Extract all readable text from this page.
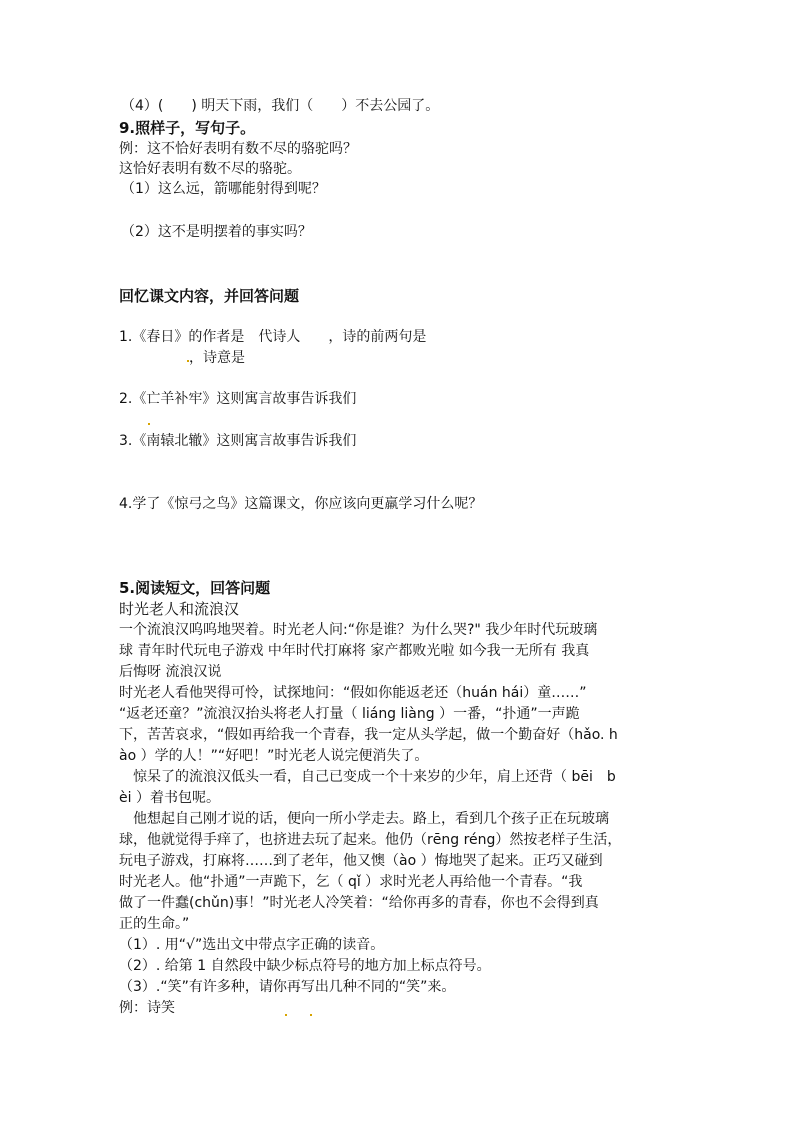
（4）(　　) 明天下雨，我们（　　）不去公园了。
9.照样子，写句子。
例：这不恰好表明有数不尽的骆驼吗？
这恰好表明有数不尽的骆驼。
（1）这么远，箭哪能射得到呢？
（2）这不是明摆着的事实吗？
回忆课文内容，并回答问题
1.《春日》的作者是　代诗人　　，诗的前两句是
，诗意是
2.《亡羊补牢》这则寓言故事告诉我们
3.《南辕北辙》这则寓言故事告诉我们
4.学了《惊弓之鸟》这篇课文，你应该向更羸学习什么呢？
5.阅读短文，回答问题
时光老人和流浪汉
一个流浪汉呜呜地哭着。时光老人问:“你是谁？为什么哭?" 我少年时代玩玻璃
球 青年时代玩电子游戏 中年时代打麻将 家产都败光啦 如今我一无所有 我真
后悔呀 流浪汉说
时光老人看他哭得可怜，试探地问：“假如你能返老还（huán hái）童……”
“返老还童？”流浪汉抬头将老人打量（ liáng liàng ）一番，“扑通”一声跪
下，苦苦哀求，“假如再给我一个青春，我一定从头学起，做一个勤奋好（hǎo. h
ào ）学的人！”“好吧！”时光老人说完便消失了。
　惊呆了的流浪汉低头一看，自己已变成一个十来岁的少年，肩上还背（ bēi　b
èi ）着书包呢。
　他想起自己刚才说的话，便向一所小学走去。路上，看到几个孩子正在玩玻璃
球，他就觉得手痒了，也挤进去玩了起来。他仍（rēng réng）然按老样子生活，
玩电子游戏，打麻将……到了老年，他又懊（ào ）悔地哭了起来。正巧又碰到
时光老人。他“扑通”一声跪下，乞（ qǐ ）求时光老人再给他一个青春。“我
做了一件蠢(chǔn)事！”时光老人冷笑着：“给你再多的青春，你也不会得到真
正的生命。”
（1）. 用“√”选出文中带点字正确的读音。
（2）. 给第 1 自然段中缺少标点符号的地方加上标点符号。
（3）.“笑”有许多种，请你再写出几种不同的“笑”来。
例：诗笑
